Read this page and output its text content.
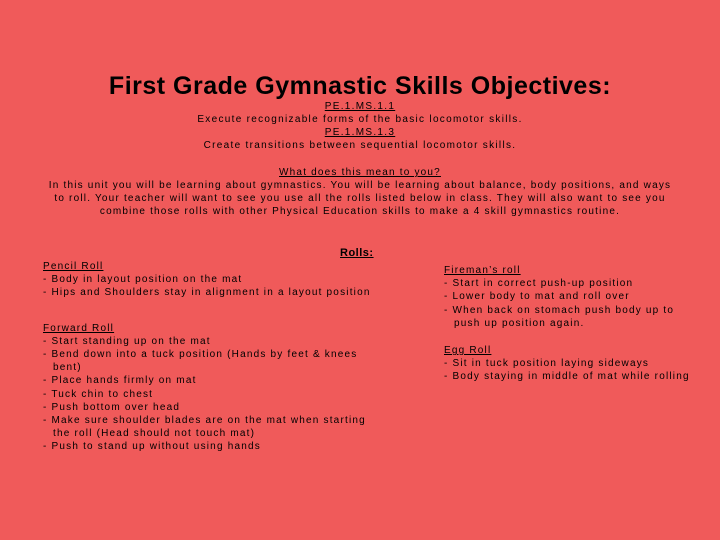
First Grade Gymnastic Skills Objectives:
PE.1.MS.1.1
Execute recognizable forms of the basic locomotor skills.
PE.1.MS.1.3
Create transitions between sequential locomotor skills.
What does this mean to you?
In this unit you will be learning about gymnastics. You will be learning about balance, body positions, and ways to roll. Your teacher will want to see you use all the rolls listed below in class. They will also want to see you combine those rolls with other Physical Education skills to make a 4 skill gymnastics routine.
Rolls:
Pencil Roll
- Body in layout position on the mat
- Hips and Shoulders stay in alignment in a layout position
Forward Roll
- Start standing up on the mat
- Bend down into a tuck position (Hands by feet & knees bent)
- Place hands firmly on mat
- Tuck chin to chest
- Push bottom over head
- Make sure shoulder blades are on the mat when starting the roll (Head should not touch mat)
- Push to stand up without using hands
Fireman’s roll
- Start in correct push-up position
- Lower body to mat and roll over
- When back on stomach push body up to push up position again.
Egg Roll
- Sit in tuck position laying sideways
- Body staying in middle of mat while rolling
